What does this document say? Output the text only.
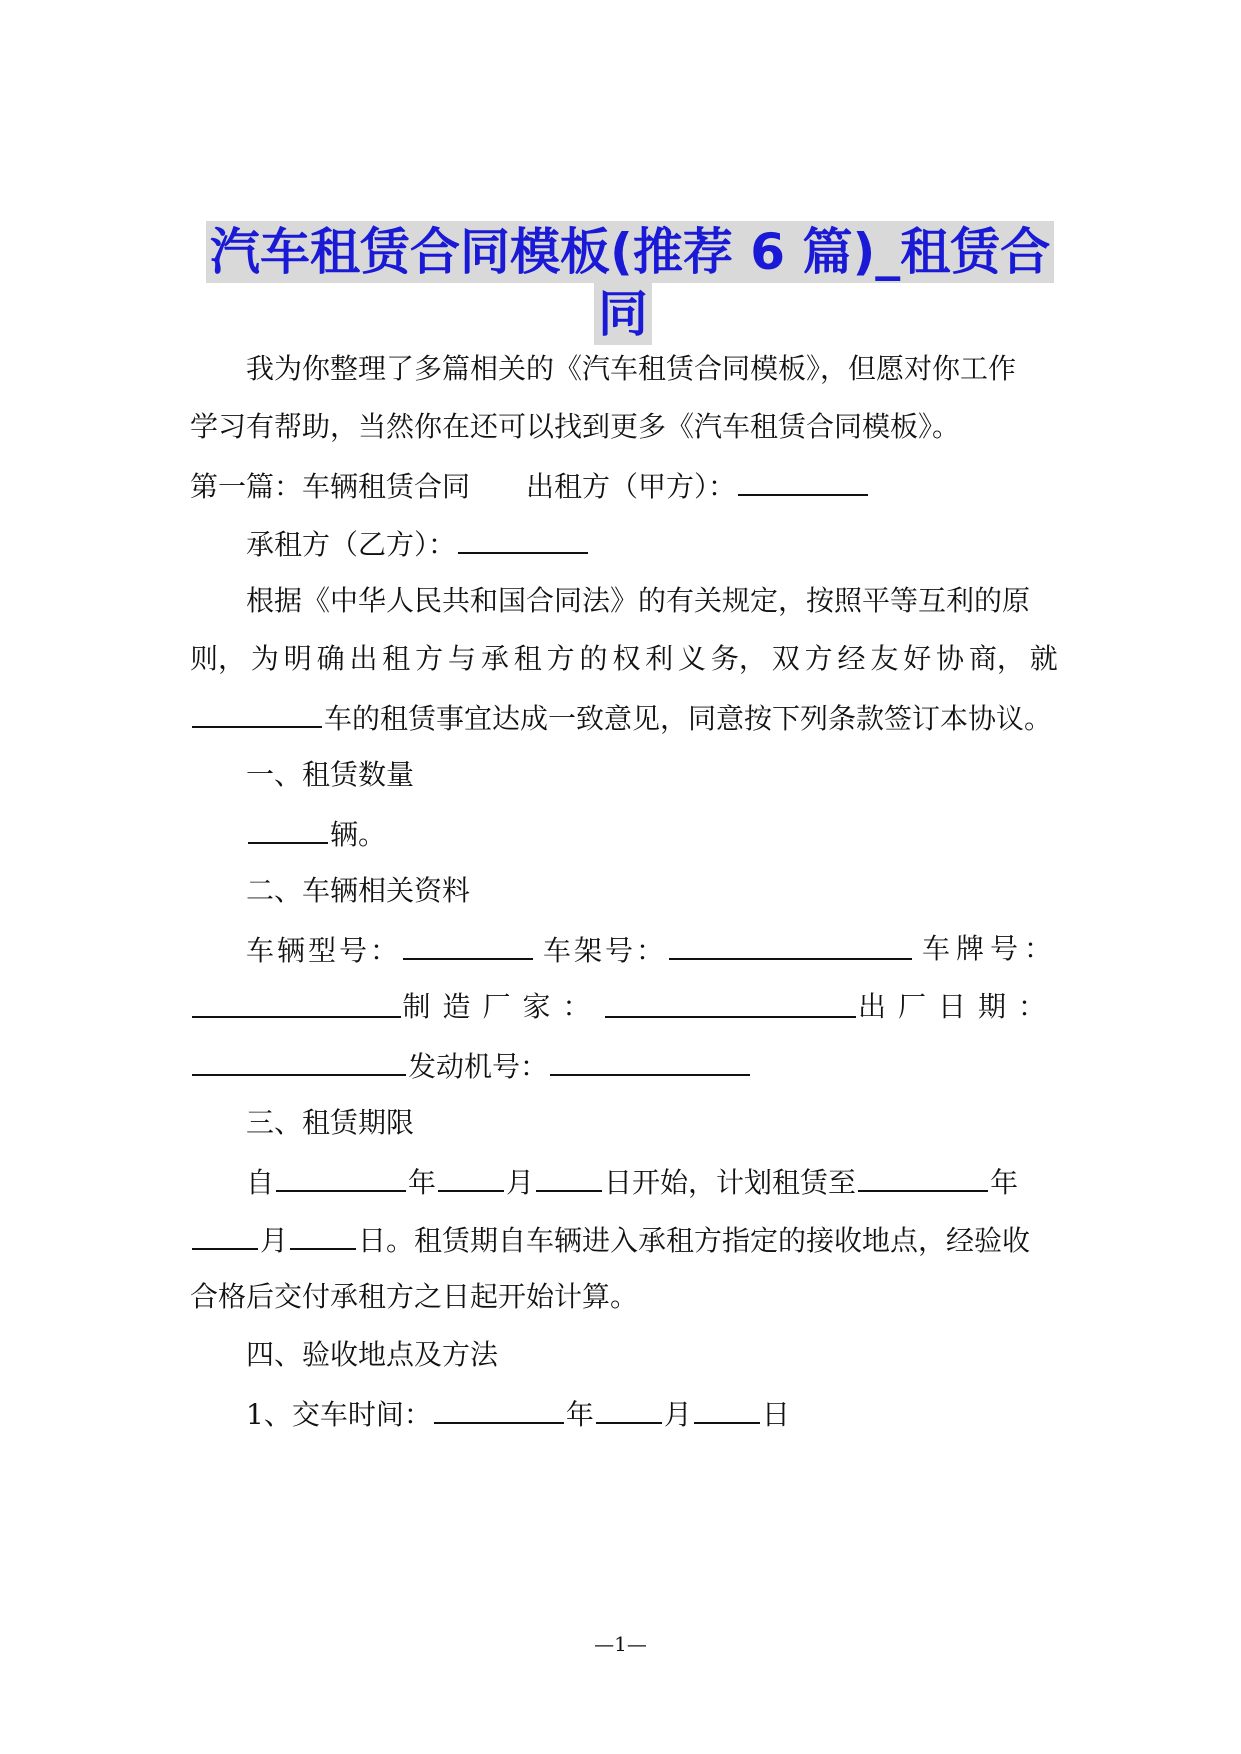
汽车租赁合同模板(推荐 6 篇)_租赁合
同
我为你整理了多篇相关的《汽车租赁合同模板》，但愿对你工作
学习有帮助，当然你在还可以找到更多《汽车租赁合同模板》。
第一篇：车辆租赁合同 出租方（甲方）：
承租方（乙方）：
根据《中华人民共和国合同法》的有关规定，按照平等互利的原
则， 为 明 确 出 租 方 与 承 租 方 的 权 利 义 务， 双 方 经 友 好 协 商， 就
车的租赁事宜达成一致意见，同意按下列条款签订本协议。
一、租赁数量
辆。
二、车辆相关资料
车辆型号：	车架号：	车牌号：
制造厂家：	出厂日期：
发动机号：
三、租赁期限
自	年	月	日开始，计划租赁至	年
月	日。租赁期自车辆进入承租方指定的接收地点，经验收
合格后交付承租方之日起开始计算。
四、验收地点及方法
1、交车时间：	年	月	日
—1—
